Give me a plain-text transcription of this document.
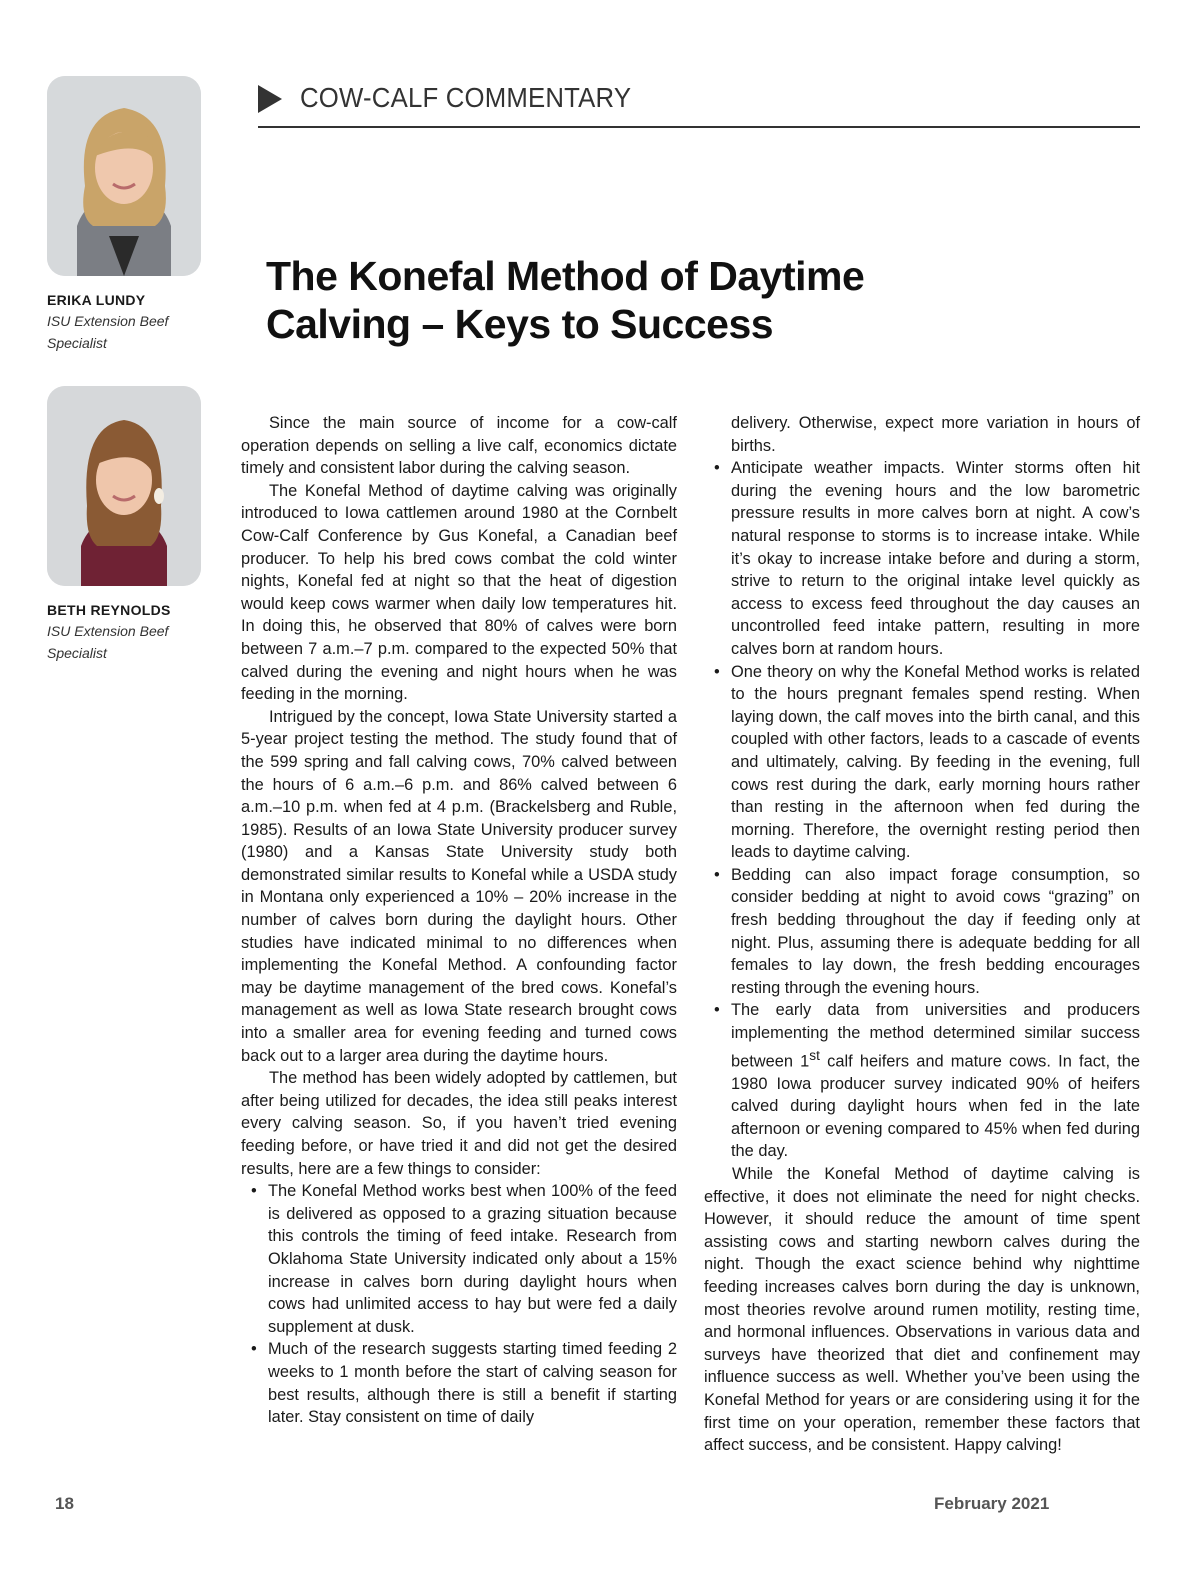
COW-CALF COMMENTARY
The Konefal Method of Daytime
Calving – Keys to Success
ERIKA LUNDY
ISU Extension Beef Specialist
BETH REYNOLDS
ISU Extension Beef Specialist

Since the main source of income for a cow-calf operation depends on selling a live calf, economics dictate timely and consistent labor during the calving season.

The Konefal Method of daytime calving was originally introduced to Iowa cattlemen around 1980 at the Cornbelt Cow-Calf Conference by Gus Konefal, a Canadian beef producer. To help his bred cows combat the cold winter nights, Konefal fed at night so that the heat of digestion would keep cows warmer when daily low temperatures hit. In doing this, he observed that 80% of calves were born between 7 a.m.–7 p.m. compared to the expected 50% that calved during the evening and night hours when he was feeding in the morning.

Intrigued by the concept, Iowa State University started a 5-year project testing the method. The study found that of the 599 spring and fall calving cows, 70% calved between the hours of 6 a.m.–6 p.m. and 86% calved between 6 a.m.–10 p.m. when fed at 4 p.m. (Brackelsberg and Ruble, 1985). Results of an Iowa State University producer survey (1980) and a Kansas State University study both demonstrated similar results to Konefal while a USDA study in Montana only experienced a 10% – 20% increase in the number of calves born during the daylight hours. Other studies have indicated minimal to no differences when implementing the Konefal Method. A confounding factor may be daytime management of the bred cows. Konefal’s management as well as Iowa State research brought cows into a smaller area for evening feeding and turned cows back out to a larger area during the daytime hours.

The method has been widely adopted by cattlemen, but after being utilized for decades, the idea still peaks interest every calving season. So, if you haven’t tried evening feeding before, or have tried it and did not get the desired results, here are a few things to consider:

• The Konefal Method works best when 100% of the feed is delivered as opposed to a grazing situation because this controls the timing of feed intake. Research from Oklahoma State University indicated only about a 15% increase in calves born during daylight hours when cows had unlimited access to hay but were fed a daily supplement at dusk.
• Much of the research suggests starting timed feeding 2 weeks to 1 month before the start of calving season for best results, although there is still a benefit if starting later. Stay consistent on time of daily
delivery. Otherwise, expect more variation in hours of births.
• Anticipate weather impacts. Winter storms often hit during the evening hours and the low barometric pressure results in more calves born at night. A cow’s natural response to storms is to increase intake. While it’s okay to increase intake before and during a storm, strive to return to the original intake level quickly as access to excess feed throughout the day causes an uncontrolled feed intake pattern, resulting in more calves born at random hours.
• One theory on why the Konefal Method works is related to the hours pregnant females spend resting. When laying down, the calf moves into the birth canal, and this coupled with other factors, leads to a cascade of events and ultimately, calving. By feeding in the evening, full cows rest during the dark, early morning hours rather than resting in the afternoon when fed during the morning. Therefore, the overnight resting period then leads to daytime calving.
• Bedding can also impact forage consumption, so consider bedding at night to avoid cows “grazing” on fresh bedding throughout the day if feeding only at night. Plus, assuming there is adequate bedding for all females to lay down, the fresh bedding encourages resting through the evening hours.
• The early data from universities and producers implementing the method determined similar success between 1st calf heifers and mature cows. In fact, the 1980 Iowa producer survey indicated 90% of heifers calved during daylight hours when fed in the late afternoon or evening compared to 45% when fed during the day.

While the Konefal Method of daytime calving is effective, it does not eliminate the need for night checks. However, it should reduce the amount of time spent assisting cows and starting newborn calves during the night. Though the exact science behind why nighttime feeding increases calves born during the day is unknown, most theories revolve around rumen motility, resting time, and hormonal influences. Observations in various data and surveys have theorized that diet and confinement may influence success as well. Whether you’ve been using the Konefal Method for years or are considering using it for the first time on your operation, remember these factors that affect success, and be consistent. Happy calving!

18	February 2021
